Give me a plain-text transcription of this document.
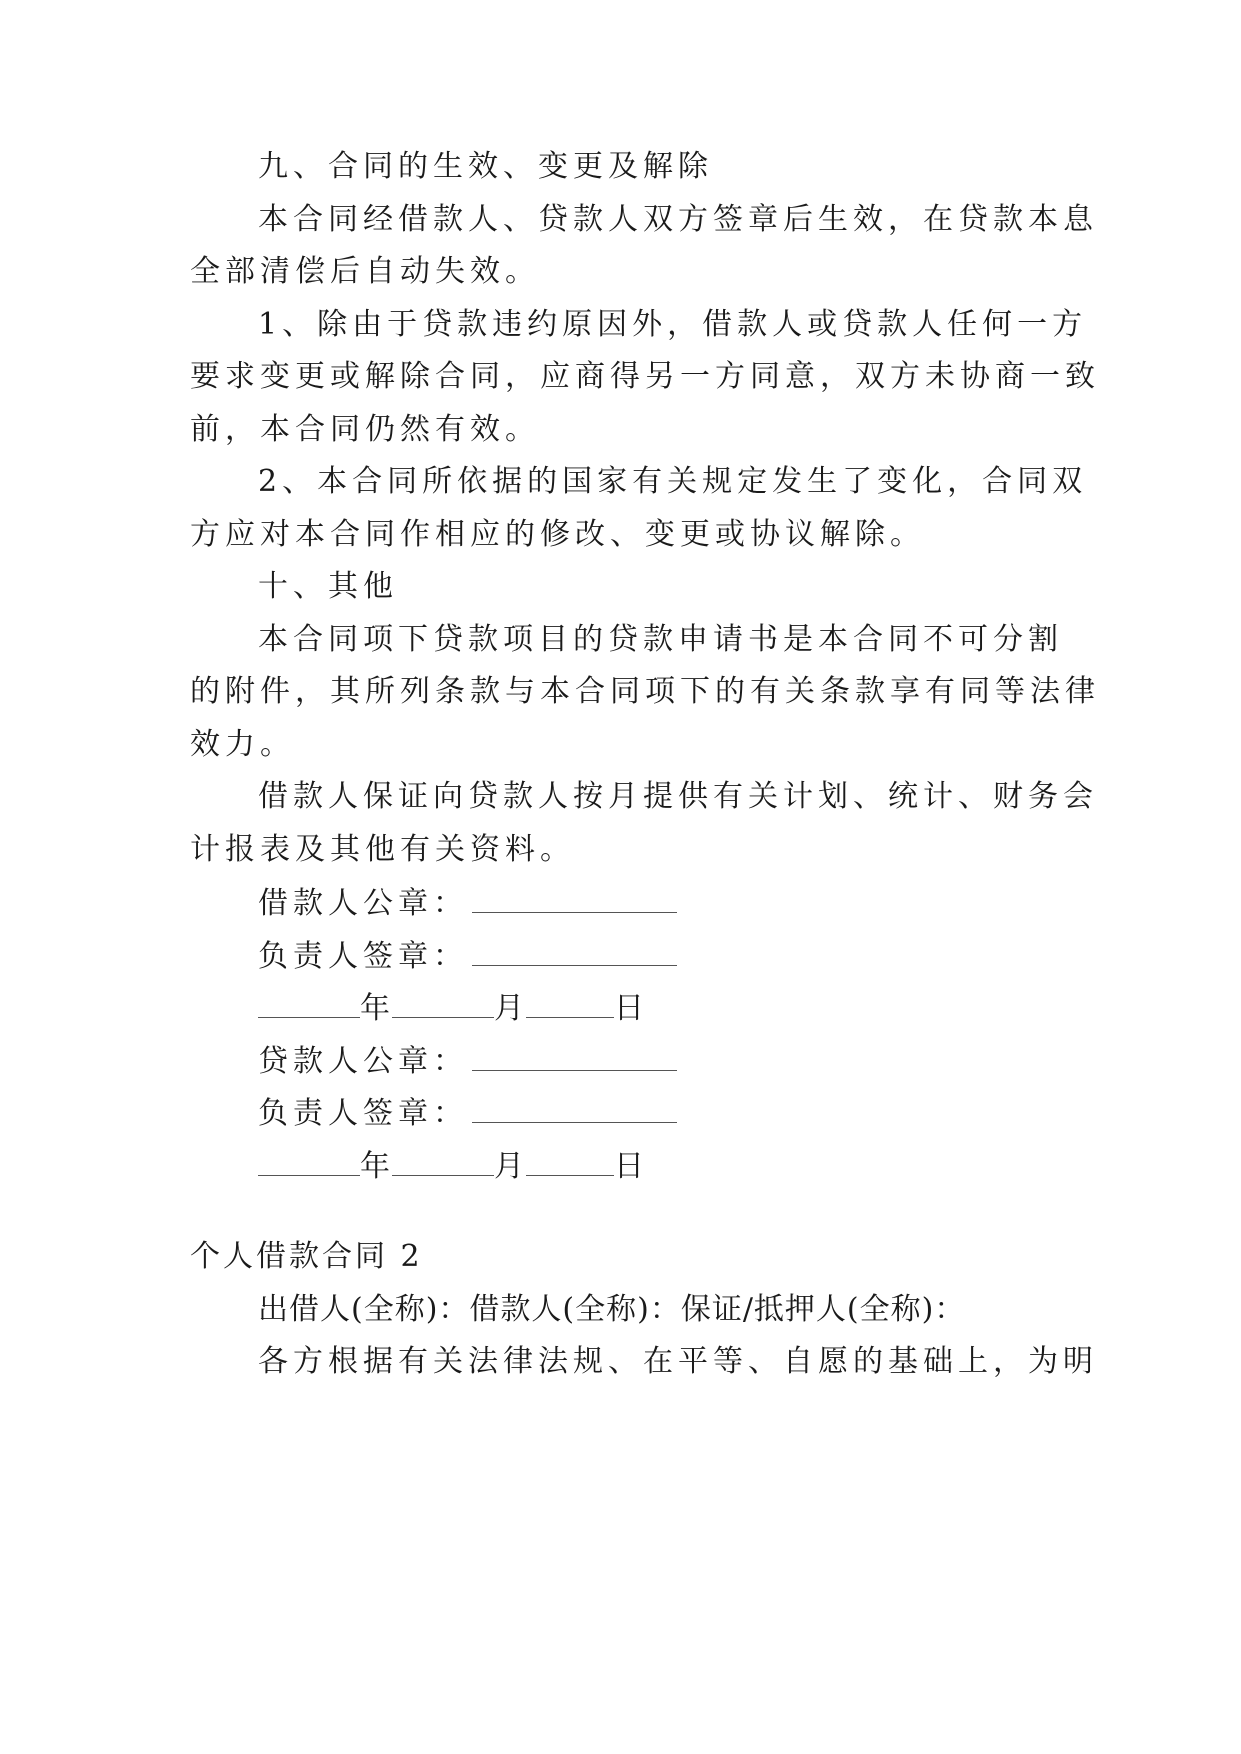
九、合同的生效、变更及解除
本合同经借款人、贷款人双方签章后生效，在贷款本息
全部清偿后自动失效。
1、除由于贷款违约原因外，借款人或贷款人任何一方
要求变更或解除合同，应商得另一方同意，双方未协商一致
前，本合同仍然有效。
2、本合同所依据的国家有关规定发生了变化，合同双
方应对本合同作相应的修改、变更或协议解除。
十、其他
本合同项下贷款项目的贷款申请书是本合同不可分割
的附件，其所列条款与本合同项下的有关条款享有同等法律
效力。
借款人保证向贷款人按月提供有关计划、统计、财务会
计报表及其他有关资料。
借款人公章：
负责人签章：
年	月	日
贷款人公章：
负责人签章：
年	月	日
个人借款合同 2
出借人(全称)：借款人(全称)：保证/抵押人(全称)：
各方根据有关法律法规、在平等、自愿的基础上，为明
